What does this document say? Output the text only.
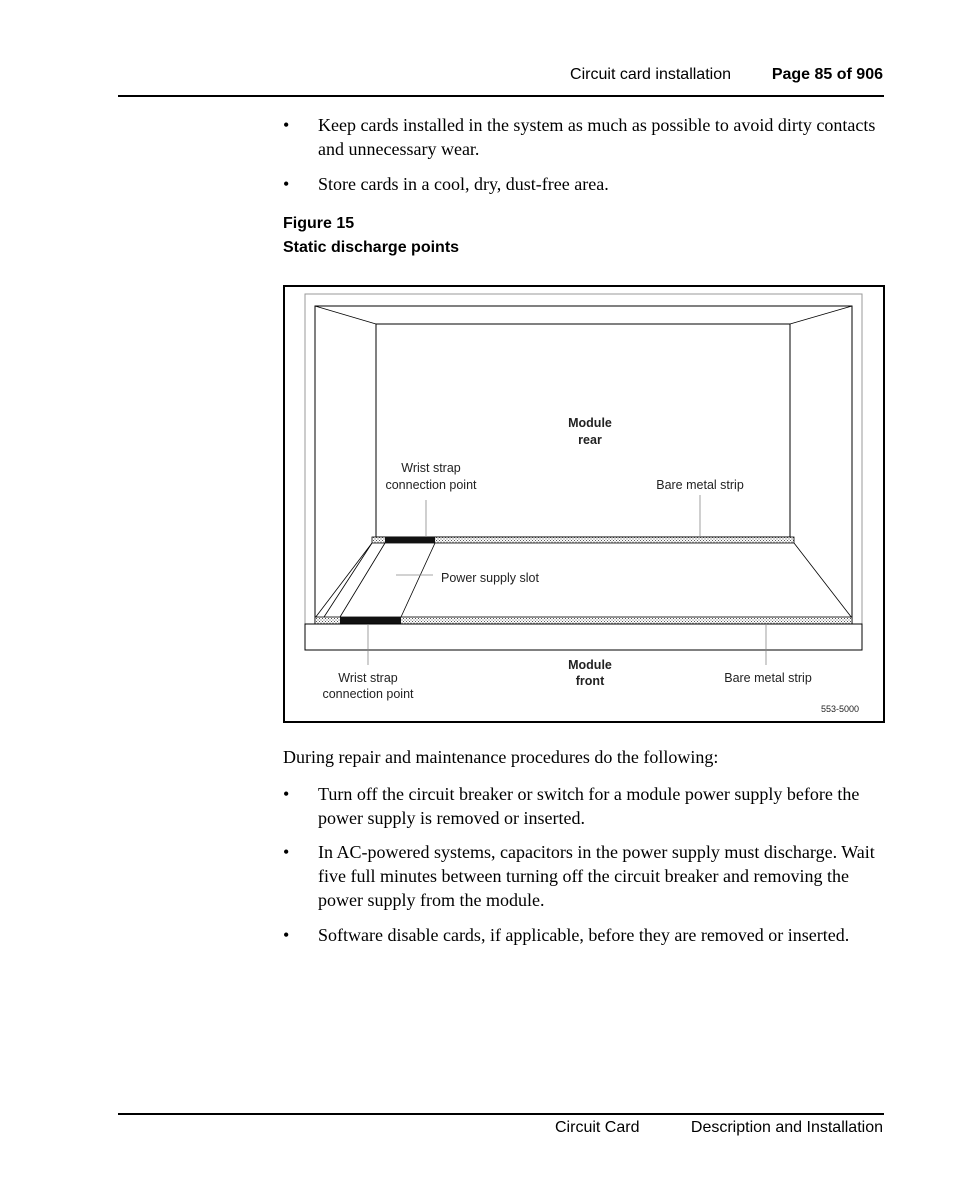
Circuit card installation	Page 85 of 906
• Keep cards installed in the system as much as possible to avoid dirty contacts and unnecessary wear.
• Store cards in a cool, dry, dust-free area.
Figure 15
Static discharge points
Module
rear
Wrist strap
connection point	Bare metal strip
Power supply slot
Wrist strap
connection point
Module
front	Bare metal strip
553-5000
During repair and maintenance procedures do the following:
• Turn off the circuit breaker or switch for a module power supply before the power supply is removed or inserted.
• In AC-powered systems, capacitors in the power supply must discharge. Wait five full minutes between turning off the circuit breaker and removing the power supply from the module.
• Software disable cards, if applicable, before they are removed or inserted.
Circuit Card	Description and Installation
